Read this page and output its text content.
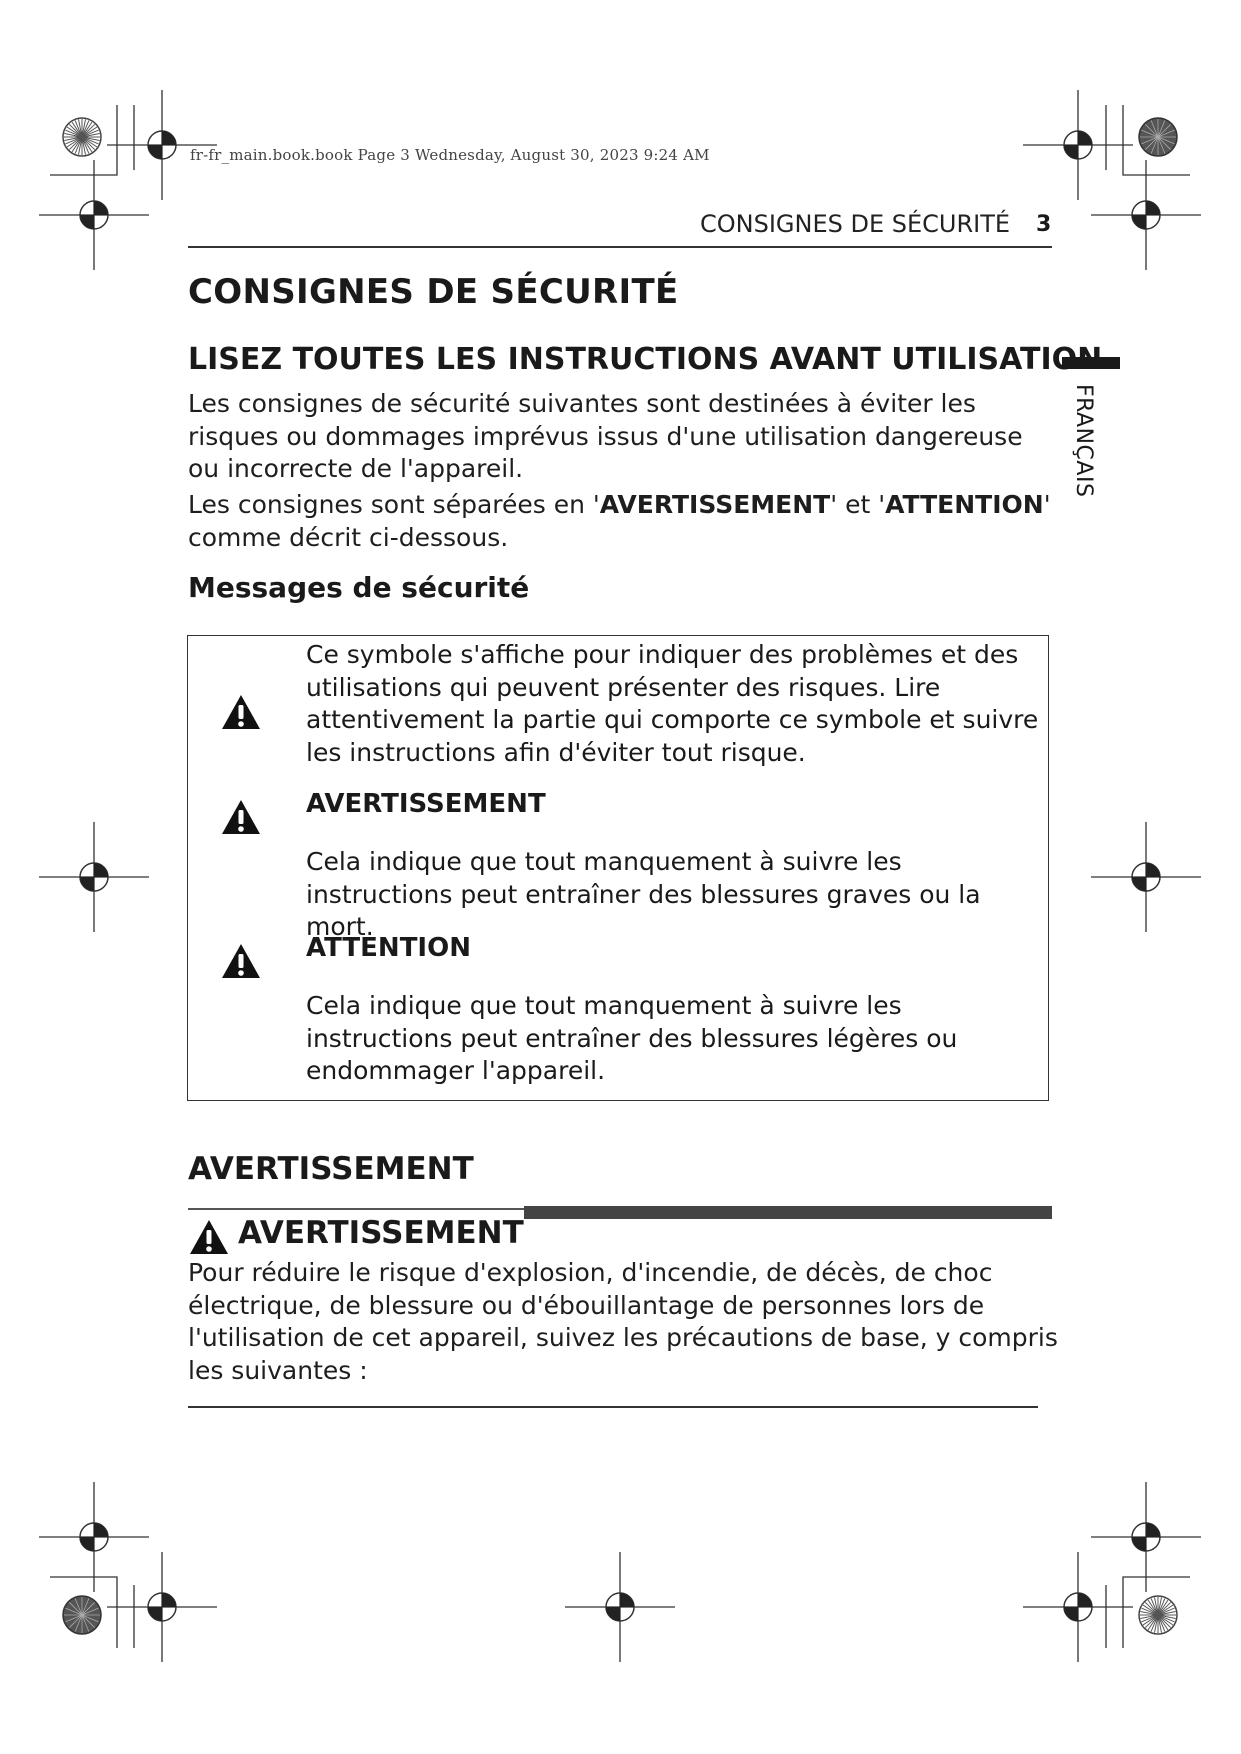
fr-fr_main.book.book Page 3 Wednesday, August 30, 2023 9:24 AM
CONSIGNES DE SÉCURITÉ 3
FRANÇAIS
CONSIGNES DE SÉCURITÉ
LISEZ TOUTES LES INSTRUCTIONS AVANT UTILISATION
Les consignes de sécurité suivantes sont destinées à éviter les risques ou dommages imprévus issus d'une utilisation dangereuse ou incorrecte de l'appareil.
Les consignes sont séparées en 'AVERTISSEMENT' et 'ATTENTION' comme décrit ci-dessous.
Messages de sécurité
Ce symbole s'affiche pour indiquer des problèmes et des utilisations qui peuvent présenter des risques. Lire attentivement la partie qui comporte ce symbole et suivre les instructions afin d'éviter tout risque.
AVERTISSEMENT
Cela indique que tout manquement à suivre les instructions peut entraîner des blessures graves ou la mort.
ATTENTION
Cela indique que tout manquement à suivre les instructions peut entraîner des blessures légères ou endommager l'appareil.
AVERTISSEMENT
AVERTISSEMENT
Pour réduire le risque d'explosion, d'incendie, de décès, de choc électrique, de blessure ou d'ébouillantage de personnes lors de l'utilisation de cet appareil, suivez les précautions de base, y compris les suivantes :
